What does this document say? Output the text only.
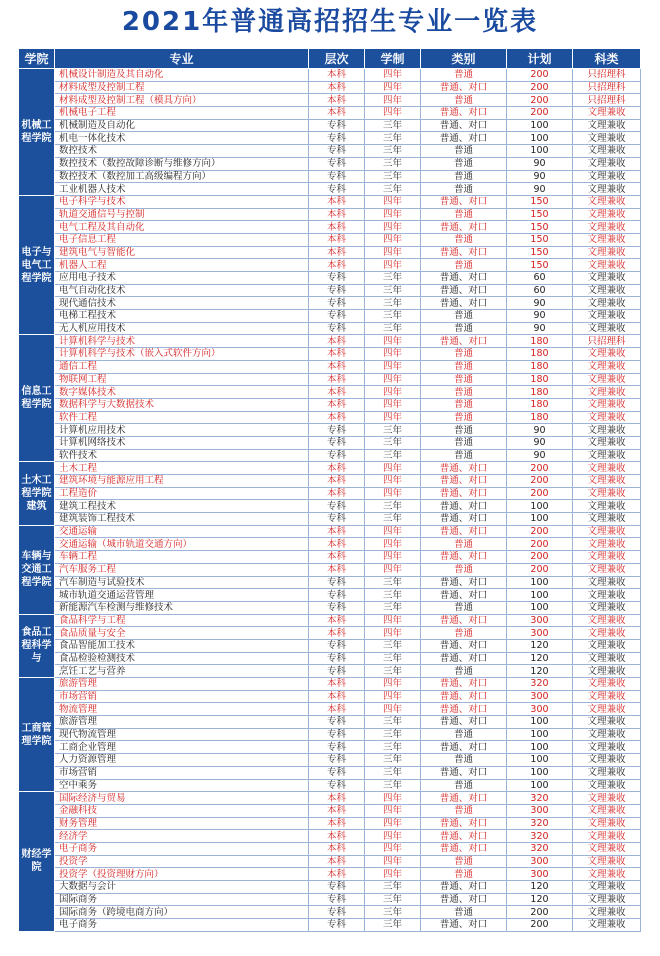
2021年普通高招招生专业一览表
学院	专业	层次	学制	类别	计划	科类
机械工程学院	机械设计制造及其自动化	本科	四年	普通	200	只招理科
	材料成型及控制工程	本科	四年	普通、对口	200	只招理科
	材料成型及控制工程（模具方向）	本科	四年	普通	200	只招理科
	机械电子工程	本科	四年	普通、对口	200	文理兼收
	机械制造及自动化	专科	三年	普通、对口	100	文理兼收
	机电一体化技术	专科	三年	普通、对口	100	文理兼收
	数控技术	专科	三年	普通	100	文理兼收
	数控技术（数控故障诊断与维修方向）	专科	三年	普通	90	文理兼收
	数控技术（数控加工高级编程方向）	专科	三年	普通	90	文理兼收
	工业机器人技术	专科	三年	普通	90	文理兼收
电子与电气工程学院	电子科学与技术	本科	四年	普通、对口	150	文理兼收
	轨道交通信号与控制	本科	四年	普通	150	文理兼收
	电气工程及其自动化	本科	四年	普通、对口	150	文理兼收
	电子信息工程	本科	四年	普通	150	文理兼收
	建筑电气与智能化	本科	四年	普通、对口	150	文理兼收
	机器人工程	本科	四年	普通	150	文理兼收
	应用电子技术	专科	三年	普通、对口	60	文理兼收
	电气自动化技术	专科	三年	普通、对口	60	文理兼收
	现代通信技术	专科	三年	普通、对口	90	文理兼收
	电梯工程技术	专科	三年	普通	90	文理兼收
	无人机应用技术	专科	三年	普通	90	文理兼收
信息工程学院	计算机科学与技术	本科	四年	普通、对口	180	只招理科
	计算机科学与技术（嵌入式软件方向）	本科	四年	普通	180	文理兼收
	通信工程	本科	四年	普通	180	文理兼收
	物联网工程	本科	四年	普通	180	文理兼收
	数字媒体技术	本科	四年	普通	180	文理兼收
	数据科学与大数据技术	本科	四年	普通	180	文理兼收
	软件工程	本科	四年	普通	180	文理兼收
	计算机应用技术	专科	三年	普通	90	文理兼收
	计算机网络技术	专科	三年	普通	90	文理兼收
	软件技术	专科	三年	普通	90	文理兼收
土木工程学院建筑	土木工程	本科	四年	普通、对口	200	文理兼收
	建筑环境与能源应用工程	本科	四年	普通、对口	200	文理兼收
	工程造价	本科	四年	普通、对口	200	文理兼收
	建筑工程技术	专科	三年	普通、对口	100	文理兼收
	建筑装饰工程技术	专科	三年	普通、对口	100	文理兼收
车辆与交通工程学院	交通运输	本科	四年	普通、对口	200	文理兼收
	交通运输（城市轨道交通方向）	本科	四年	普通	200	文理兼收
	车辆工程	本科	四年	普通、对口	200	文理兼收
	汽车服务工程	本科	四年	普通	200	文理兼收
	汽车制造与试验技术	专科	三年	普通、对口	100	文理兼收
	城市轨道交通运营管理	专科	三年	普通、对口	100	文理兼收
	新能源汽车检测与维修技术	专科	三年	普通	100	文理兼收
食品工程科学与	食品科学与工程	本科	四年	普通、对口	300	文理兼收
	食品质量与安全	本科	四年	普通	300	文理兼收
	食品智能加工技术	专科	三年	普通、对口	120	文理兼收
	食品检验检测技术	专科	三年	普通、对口	120	文理兼收
	烹饪工艺与营养	专科	三年	普通	120	文理兼收
工商管理学院	旅游管理	本科	四年	普通、对口	320	文理兼收
	市场营销	本科	四年	普通、对口	300	文理兼收
	物流管理	本科	四年	普通、对口	300	文理兼收
	旅游管理	专科	三年	普通、对口	100	文理兼收
	现代物流管理	专科	三年	普通	100	文理兼收
	工商企业管理	专科	三年	普通、对口	100	文理兼收
	人力资源管理	专科	三年	普通	100	文理兼收
	市场营销	专科	三年	普通、对口	100	文理兼收
	空中乘务	专科	三年	普通	100	文理兼收
财经学院	国际经济与贸易	本科	四年	普通、对口	320	文理兼收
	金融科技	本科	四年	普通	300	文理兼收
	财务管理	本科	四年	普通、对口	320	文理兼收
	经济学	本科	四年	普通、对口	320	文理兼收
	电子商务	本科	四年	普通、对口	320	文理兼收
	投资学	本科	四年	普通	300	文理兼收
	投资学（投资理财方向）	本科	四年	普通	300	文理兼收
	大数据与会计	专科	三年	普通、对口	120	文理兼收
	国际商务	专科	三年	普通、对口	120	文理兼收
	国际商务（跨境电商方向）	专科	三年	普通	200	文理兼收
	电子商务	专科	三年	普通、对口	200	文理兼收
